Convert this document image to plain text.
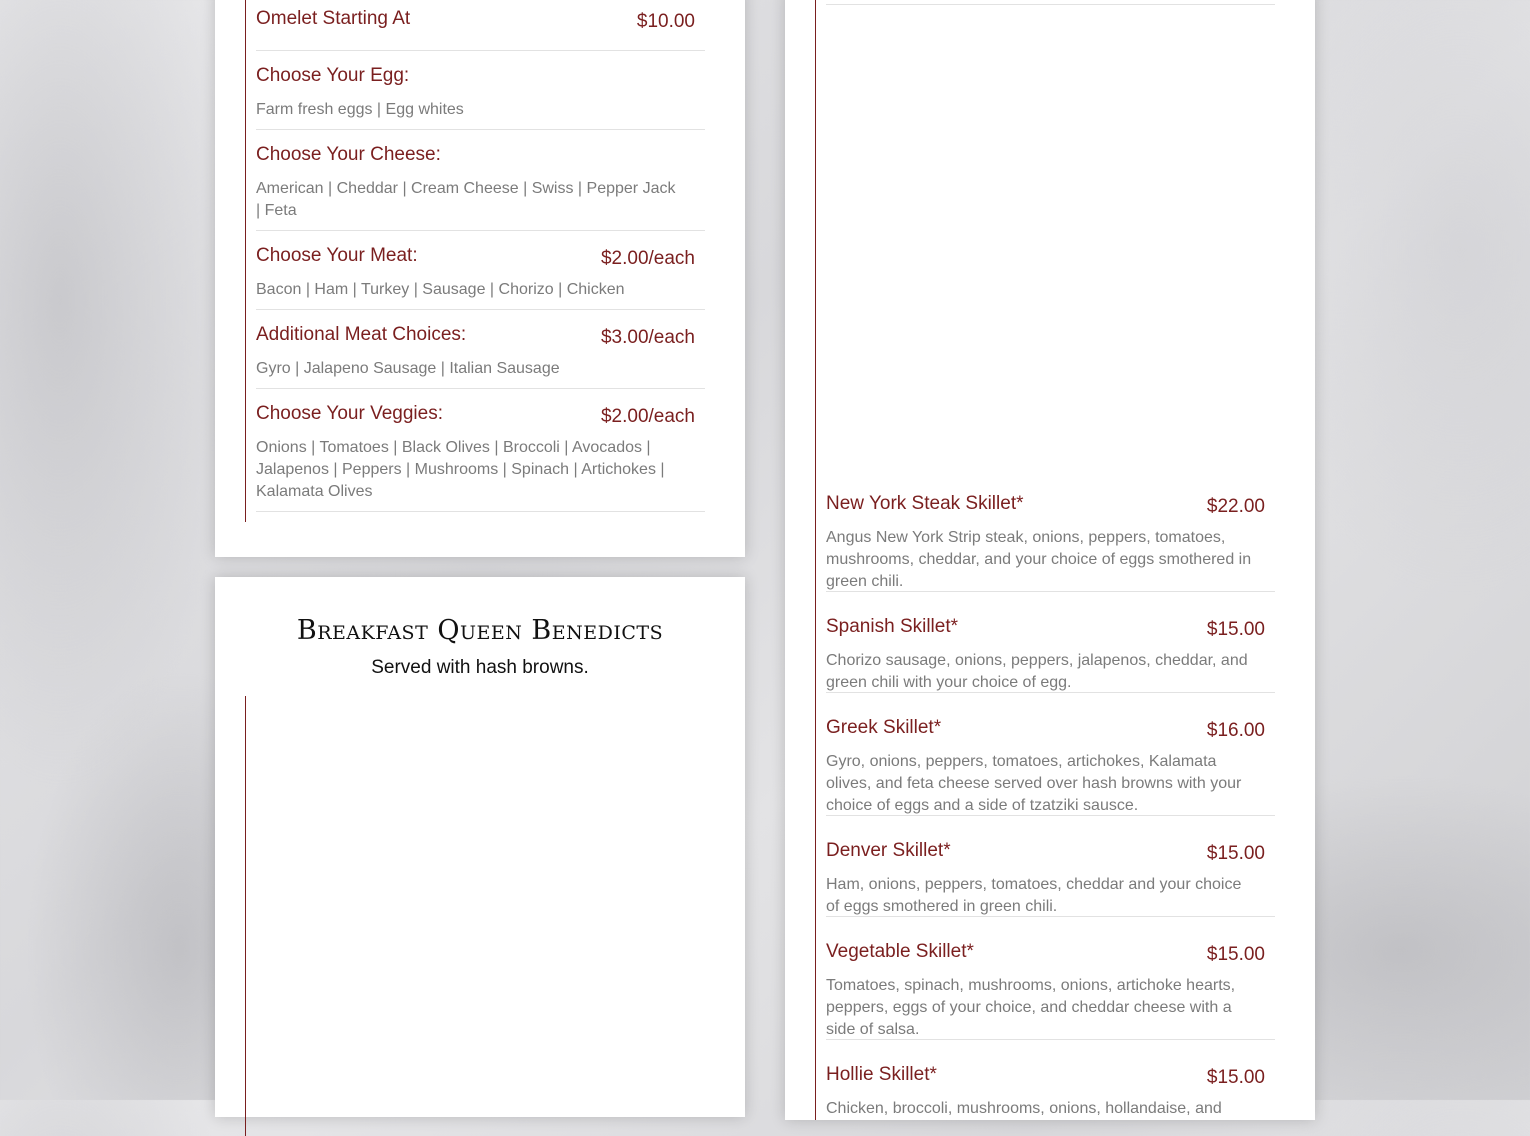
Omelet Starting At	$10.00
Choose Your Egg:
Farm fresh eggs | Egg whites
Choose Your Cheese:
American | Cheddar | Cream Cheese | Swiss | Pepper Jack | Feta
Choose Your Meat:	$2.00/each
Bacon | Ham | Turkey | Sausage | Chorizo | Chicken
Additional Meat Choices:	$3.00/each
Gyro | Jalapeno Sausage | Italian Sausage
Choose Your Veggies:	$2.00/each
Onions | Tomatoes | Black Olives | Broccoli | Avocados | Jalapenos | Peppers | Mushrooms | Spinach | Artichokes | Kalamata Olives
Breakfast Queen Benedicts
Served with hash browns.
New York Steak Skillet*	$22.00
Angus New York Strip steak, onions, peppers, tomatoes, mushrooms, cheddar, and your choice of eggs smothered in green chili.
Spanish Skillet*	$15.00
Chorizo sausage, onions, peppers, jalapenos, cheddar, and green chili with your choice of egg.
Greek Skillet*	$16.00
Gyro, onions, peppers, tomatoes, artichokes, Kalamata olives, and feta cheese served over hash browns with your choice of eggs and a side of tzatziki sausce.
Denver Skillet*	$15.00
Ham, onions, peppers, tomatoes, cheddar and your choice of eggs smothered in green chili.
Vegetable Skillet*	$15.00
Tomatoes, spinach, mushrooms, onions, artichoke hearts, peppers, eggs of your choice, and cheddar cheese with a side of salsa.
Hollie Skillet*	$15.00
Chicken, broccoli, mushrooms, onions, hollandaise, and
